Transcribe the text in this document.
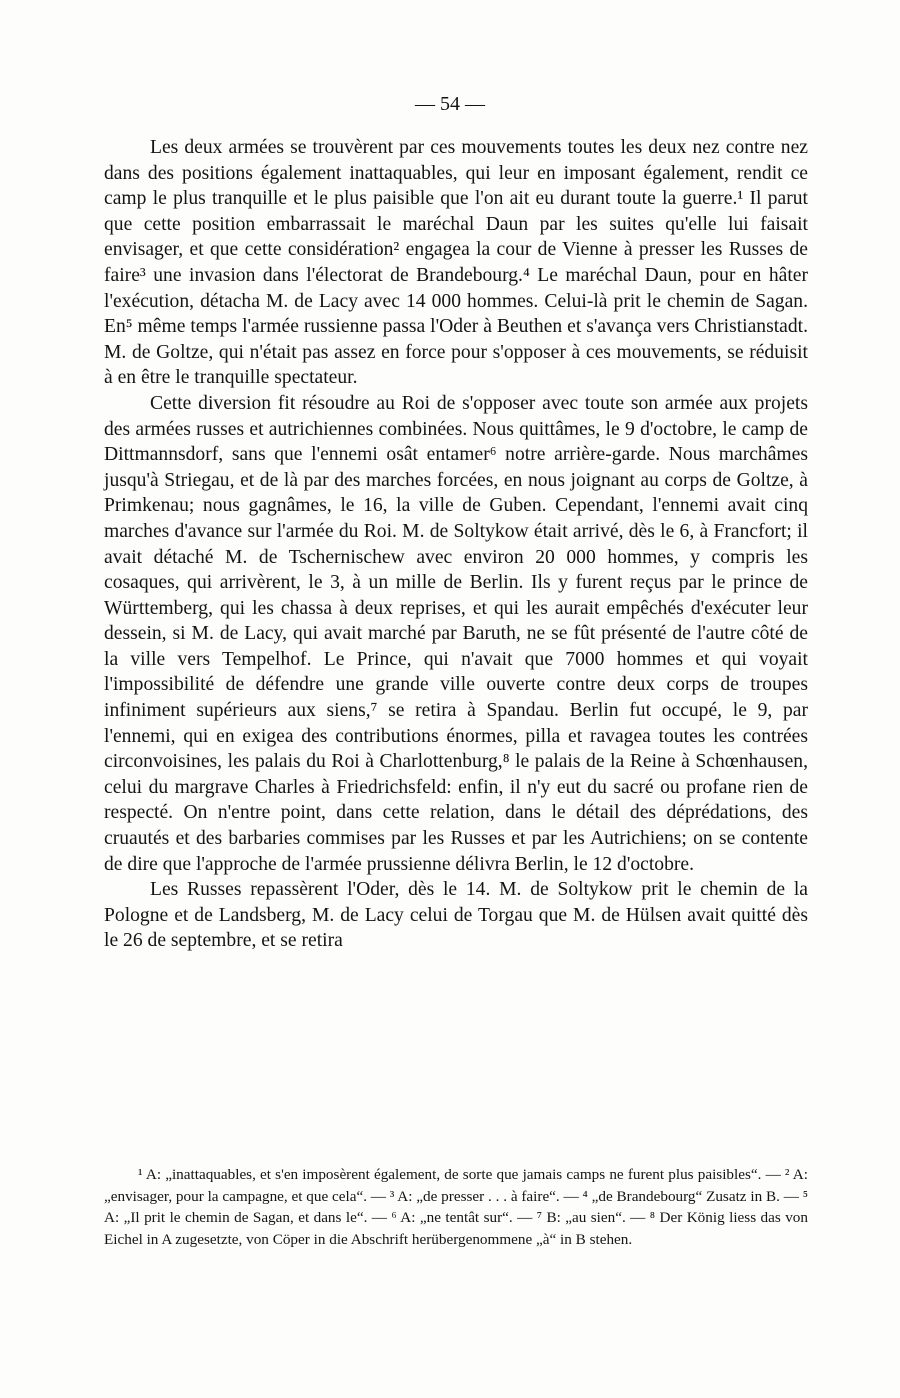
— 54 —

Les deux armées se trouvèrent par ces mouvements toutes les deux nez contre nez dans des positions également inattaquables, qui leur en imposant également, rendit ce camp le plus tranquille et le plus paisible que l'on ait eu durant toute la guerre.¹ Il parut que cette position embarrassait le maréchal Daun par les suites qu'elle lui faisait envisager, et que cette considération² engagea la cour de Vienne à presser les Russes de faire³ une invasion dans l'électorat de Brandebourg.⁴ Le maréchal Daun, pour en hâter l'exécution, détacha M. de Lacy avec 14 000 hommes. Celui-là prit le chemin de Sagan. En⁵ même temps l'armée russienne passa l'Oder à Beuthen et s'avança vers Christianstadt. M. de Goltze, qui n'était pas assez en force pour s'opposer à ces mouvements, se réduisit à en être le tranquille spectateur.

Cette diversion fit résoudre au Roi de s'opposer avec toute son armée aux projets des armées russes et autrichiennes combinées. Nous quittâmes, le 9 d'octobre, le camp de Dittmannsdorf, sans que l'ennemi osât entamer⁶ notre arrière-garde. Nous marchâmes jusqu'à Striegau, et de là par des marches forcées, en nous joignant au corps de Goltze, à Primkenau; nous gagnâmes, le 16, la ville de Guben. Cependant, l'ennemi avait cinq marches d'avance sur l'armée du Roi. M. de Soltykow était arrivé, dès le 6, à Francfort; il avait détaché M. de Tschernischew avec environ 20 000 hommes, y compris les cosaques, qui arrivèrent, le 3, à un mille de Berlin. Ils y furent reçus par le prince de Württemberg, qui les chassa à deux reprises, et qui les aurait empêchés d'exécuter leur dessein, si M. de Lacy, qui avait marché par Baruth, ne se fût présenté de l'autre côté de la ville vers Tempelhof. Le Prince, qui n'avait que 7000 hommes et qui voyait l'impossibilité de défendre une grande ville ouverte contre deux corps de troupes infiniment supérieurs aux siens,⁷ se retira à Spandau. Berlin fut occupé, le 9, par l'ennemi, qui en exigea des contributions énormes, pilla et ravagea toutes les contrées circonvoisines, les palais du Roi à Charlottenburg,⁸ le palais de la Reine à Schœnhausen, celui du margrave Charles à Friedrichsfeld: enfin, il n'y eut du sacré ou profane rien de respecté. On n'entre point, dans cette relation, dans le détail des déprédations, des cruautés et des barbaries commises par les Russes et par les Autrichiens; on se contente de dire que l'approche de l'armée prussienne délivra Berlin, le 12 d'octobre.

Les Russes repassèrent l'Oder, dès le 14. M. de Soltykow prit le chemin de la Pologne et de Landsberg, M. de Lacy celui de Torgau que M. de Hülsen avait quitté dès le 26 de septembre, et se retira

¹ A: „inattaquables, et s'en imposèrent également, de sorte que jamais camps ne furent plus paisibles“. — ² A: „envisager, pour la campagne, et que cela“. — ³ A: „de presser . . . à faire“. — ⁴ „de Brandebourg“ Zusatz in B. — ⁵ A: „Il prit le chemin de Sagan, et dans le“. — ⁶ A: „ne tentât sur“. — ⁷ B: „au sien“. — ⁸ Der König liess das von Eichel in A zugesetzte, von Cöper in die Abschrift herübergenommene „à“ in B stehen.
